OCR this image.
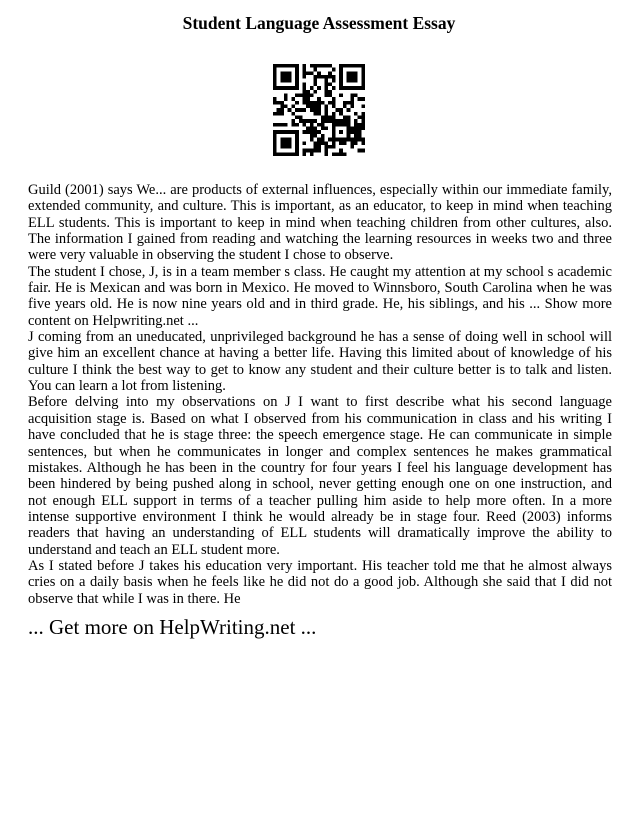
Student Language Assessment Essay

Guild (2001) says We... are products of external influences, especially within our immediate family, extended community, and culture. This is important, as an educator, to keep in mind when teaching ELL students. This is important to keep in mind when teaching children from other cultures, also. The information I gained from reading and watching the learning resources in weeks two and three were very valuable in observing the student I chose to observe.

The student I chose, J, is in a team member s class. He caught my attention at my school s academic fair. He is Mexican and was born in Mexico. He moved to Winnsboro, South Carolina when he was five years old. He is now nine years old and in third grade. He, his siblings, and his ... Show more content on Helpwriting.net ...

J coming from an uneducated, unprivileged background he has a sense of doing well in school will give him an excellent chance at having a better life. Having this limited about of knowledge of his culture I think the best way to get to know any student and their culture better is to talk and listen. You can learn a lot from listening.

Before delving into my observations on J I want to first describe what his second language acquisition stage is. Based on what I observed from his communication in class and his writing I have concluded that he is stage three: the speech emergence stage. He can communicate in simple sentences, but when he communicates in longer and complex sentences he makes grammatical mistakes. Although he has been in the country for four years I feel his language development has been hindered by being pushed along in school, never getting enough one on one instruction, and not enough ELL support in terms of a teacher pulling him aside to help more often. In a more intense supportive environment I think he would already be in stage four. Reed (2003) informs readers that having an understanding of ELL students will dramatically improve the ability to understand and teach an ELL student more.

As I stated before J takes his education very important. His teacher told me that he almost always cries on a daily basis when he feels like he did not do a good job. Although she said that I did not observe that while I was in there. He

... Get more on HelpWriting.net ...
